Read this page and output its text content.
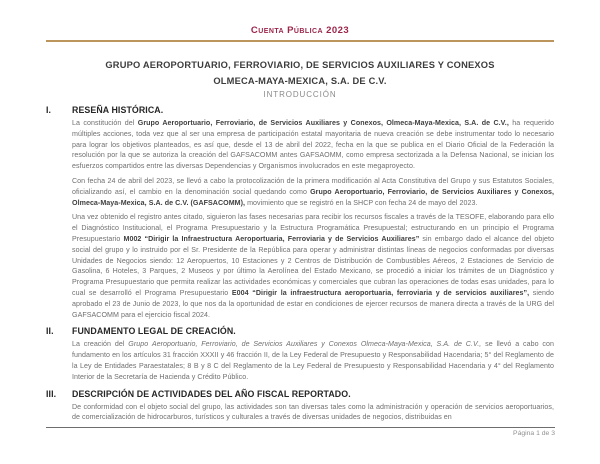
Cuenta Pública 2023
GRUPO AEROPORTUARIO, FERROVIARIO, DE SERVICIOS AUXILIARES Y CONEXOS
OLMECA-MAYA-MEXICA, S.A. DE C.V.
INTRODUCCIÓN
I.	RESEÑA HISTÓRICA.

La constitución del Grupo Aeroportuario, Ferroviario, de Servicios Auxiliares y Conexos, Olmeca-Maya-Mexica, S.A. de C.V., ha requerido múltiples acciones, toda vez que al ser una empresa de participación estatal mayoritaria de nueva creación se debe instrumentar todo lo necesario para lograr los objetivos planteados, es así que, desde el 13 de abril del 2022, fecha en la que se publica en el Diario Oficial de la Federación la resolución por la que se autoriza la creación del GAFSACOMM antes GAFSAOMM, como empresa sectorizada a la Defensa Nacional, se inician los esfuerzos compartidos entre las diversas Dependencias y Organismos involucrados en este megaproyecto.

Con fecha 24 de abril del 2023, se llevó a cabo la protocolización de la primera modificación al Acta Constitutiva del Grupo y sus Estatutos Sociales, oficializando así, el cambio en la denominación social quedando como Grupo Aeroportuario, Ferroviario, de Servicios Auxiliares y Conexos, Olmeca-Maya-Mexica, S.A. de C.V. (GAFSACOMM), movimiento que se registró en la SHCP con fecha 24 de mayo del 2023.

Una vez obtenido el registro antes citado, siguieron las fases necesarias para recibir los recursos fiscales a través de la TESOFE, elaborando para ello el Diagnóstico Institucional, el Programa Presupuestario y la Estructura Programática Presupuestal; estructurando en un principio el Programa Presupuestario M002 “Dirigir la Infraestructura Aeroportuaria, Ferroviaria y de Servicios Auxiliares” sin embargo dado el alcance del objeto social del grupo y lo instruido por el Sr. Presidente de la República para operar y administrar distintas líneas de negocios conformadas por diversas Unidades de Negocios siendo: 12 Aeropuertos, 10 Estaciones y 2 Centros de Distribución de Combustibles Aéreos, 2 Estaciones de Servicio de Gasolina, 6 Hoteles, 3 Parques, 2 Museos y por último la Aerolínea del Estado Mexicano, se procedió a iniciar los trámites de un Diagnóstico y Programa Presupuestario que permita realizar las actividades económicas y comerciales que cubran las operaciones de todas esas unidades, para lo cual se desarrolló el Programa Presupuestario E004 “Dirigir la infraestructura aeroportuaria, ferroviaria y de servicios auxiliares”, siendo aprobado el 23 de Junio de 2023, lo que nos da la oportunidad de estar en condiciones de ejercer recursos de manera directa a través de la URG del GAFSACOMM para el ejercicio fiscal 2024.

II.	FUNDAMENTO LEGAL DE CREACIÓN.

La creación del Grupo Aeroportuario, Ferroviario, de Servicios Auxiliares y Conexos Olmeca-Maya-Mexica, S.A. de C.V., se llevó a cabo con fundamento en los artículos 31 fracción XXXII y 46 fracción II, de la Ley Federal de Presupuesto y Responsabilidad Hacendaria; 5° del Reglamento de la Ley de Entidades Paraestatales; 8 B y 8 C del Reglamento de la Ley Federal de Presupuesto y Responsabilidad Hacendaria y 4° del Reglamento Interior de la Secretaría de Hacienda y Crédito Público.

III.	DESCRIPCIÓN DE ACTIVIDADES DEL AÑO FISCAL REPORTADO.

De conformidad con el objeto social del grupo, las actividades son tan diversas tales como la administración y operación de servicios aeroportuarios, de comercialización de hidrocarburos, turísticos y culturales a través de diversas unidades de negocios, distribuidas en

Página 1 de 3
